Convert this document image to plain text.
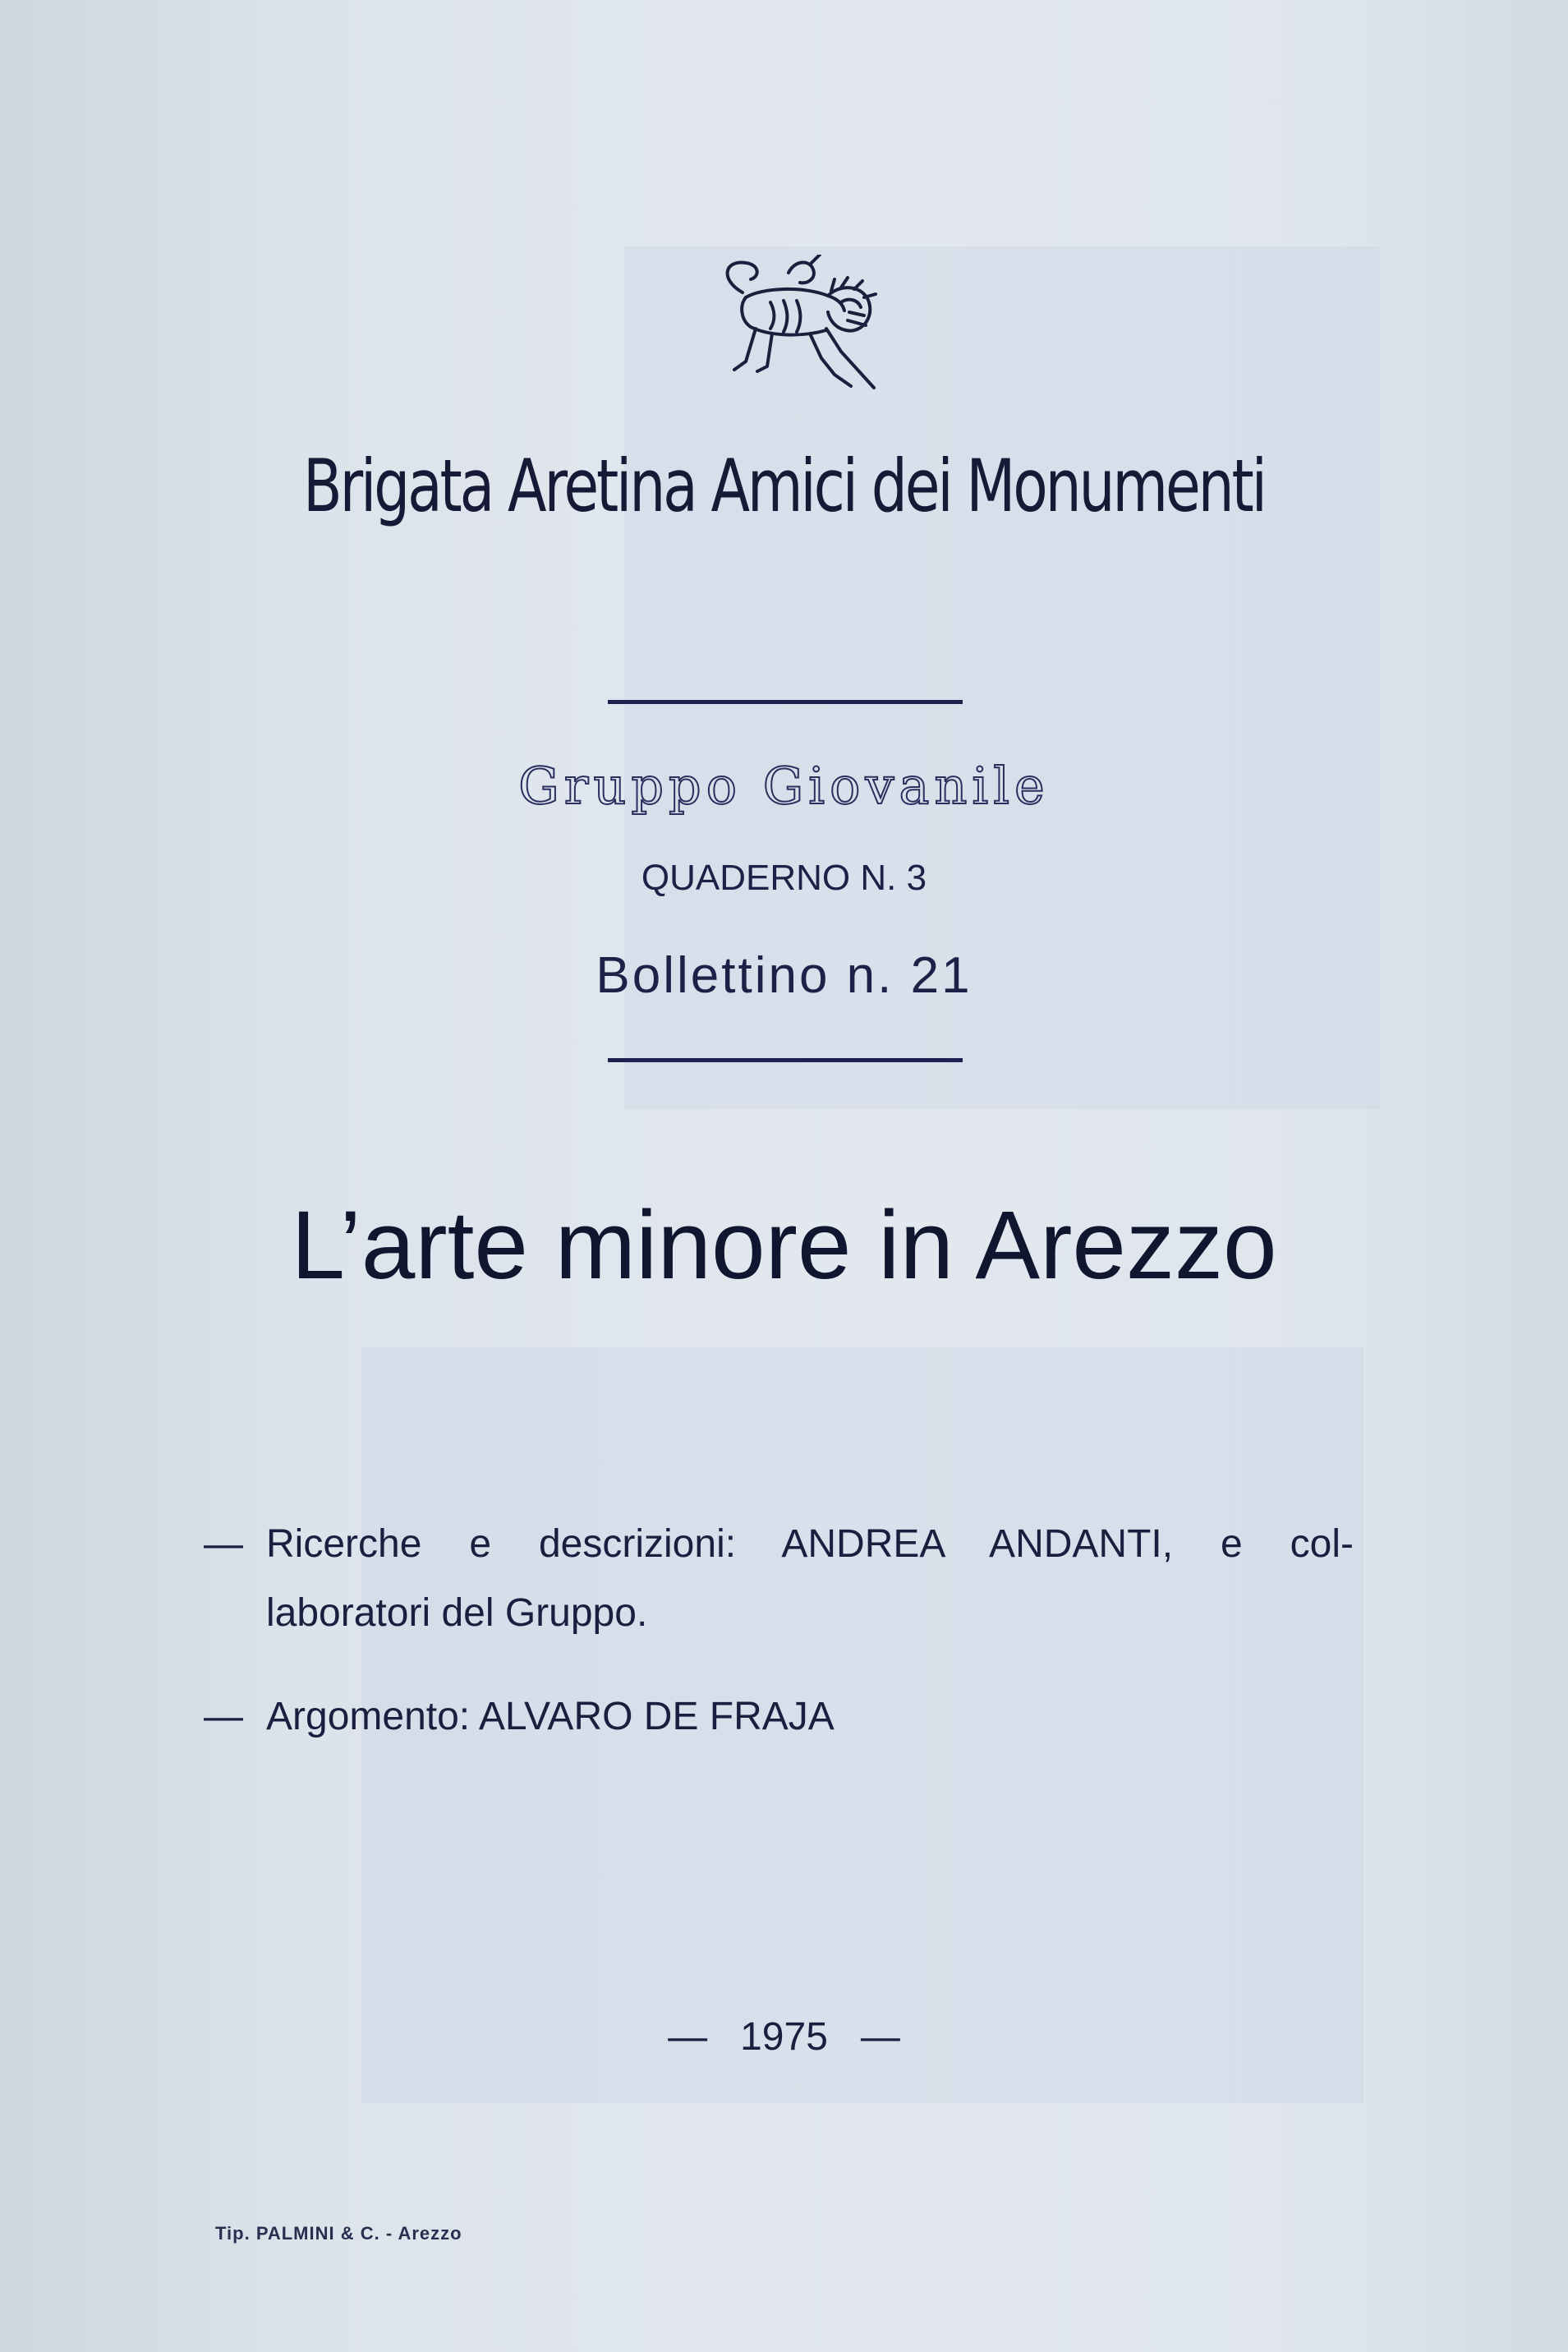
Brigata Aretina Amici dei Monumenti
Gruppo Giovanile
QUADERNO N. 3
Bollettino n. 21
L’arte minore in Arezzo
— Ricerche e descrizioni: ANDREA ANDANTI, e col-
laboratori del Gruppo.
— Argomento: ALVARO DE FRAJA
— 1975 —
Tip. PALMINI & C. - Arezzo
